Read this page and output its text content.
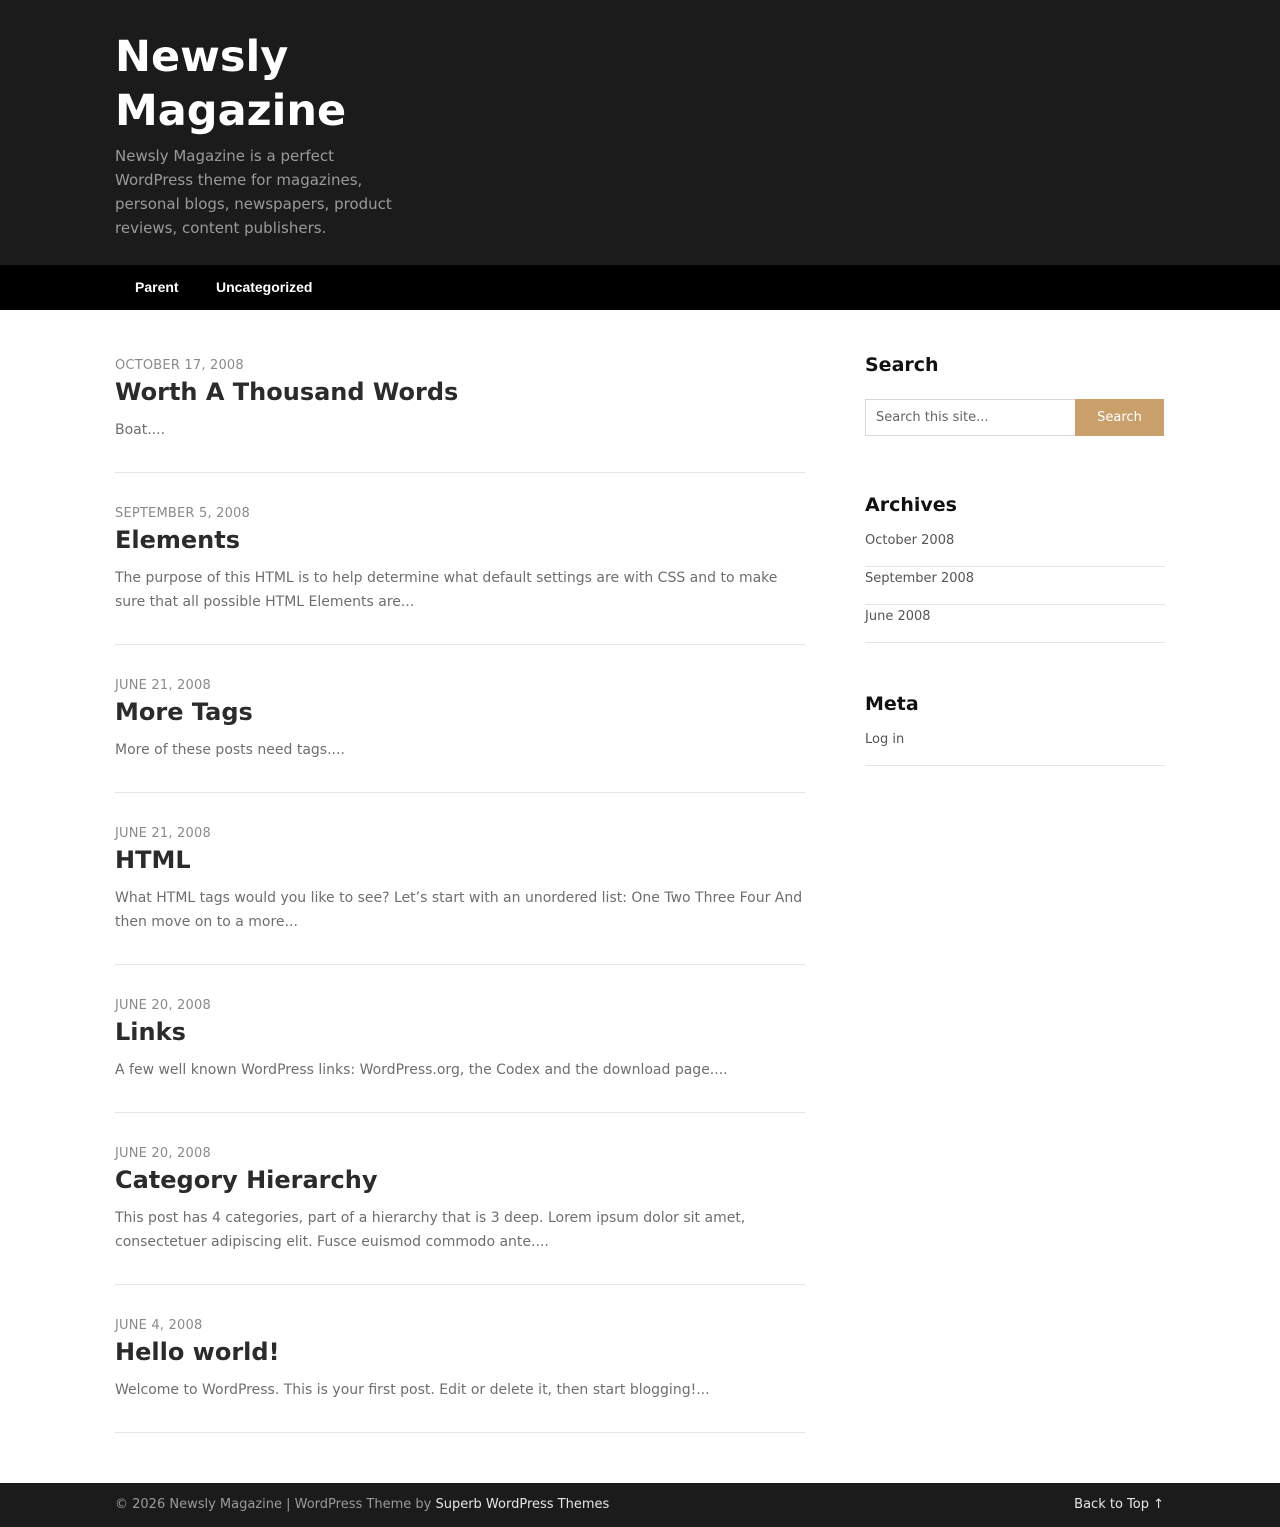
Newsly Magazine
Newsly Magazine is a perfect WordPress theme for magazines, personal blogs, newspapers, product reviews, content publishers.
Parent	Uncategorized
OCTOBER 17, 2008
Worth A Thousand Words
Boat....
SEPTEMBER 5, 2008
Elements
The purpose of this HTML is to help determine what default settings are with CSS and to make sure that all possible HTML Elements are...
JUNE 21, 2008
More Tags
More of these posts need tags....
JUNE 21, 2008
HTML
What HTML tags would you like to see? Let’s start with an unordered list: One Two Three Four And then move on to a more...
JUNE 20, 2008
Links
A few well known WordPress links: WordPress.org, the Codex and the download page....
JUNE 20, 2008
Category Hierarchy
This post has 4 categories, part of a hierarchy that is 3 deep. Lorem ipsum dolor sit amet, consectetuer adipiscing elit. Fusce euismod commodo ante....
JUNE 4, 2008
Hello world!
Welcome to WordPress. This is your first post. Edit or delete it, then start blogging!...
Search
Search this site...
Search
Archives
October 2008
September 2008
June 2008
Meta
Log in
© 2026 Newsly Magazine | WordPress Theme by Superb WordPress Themes	Back to Top ↑
